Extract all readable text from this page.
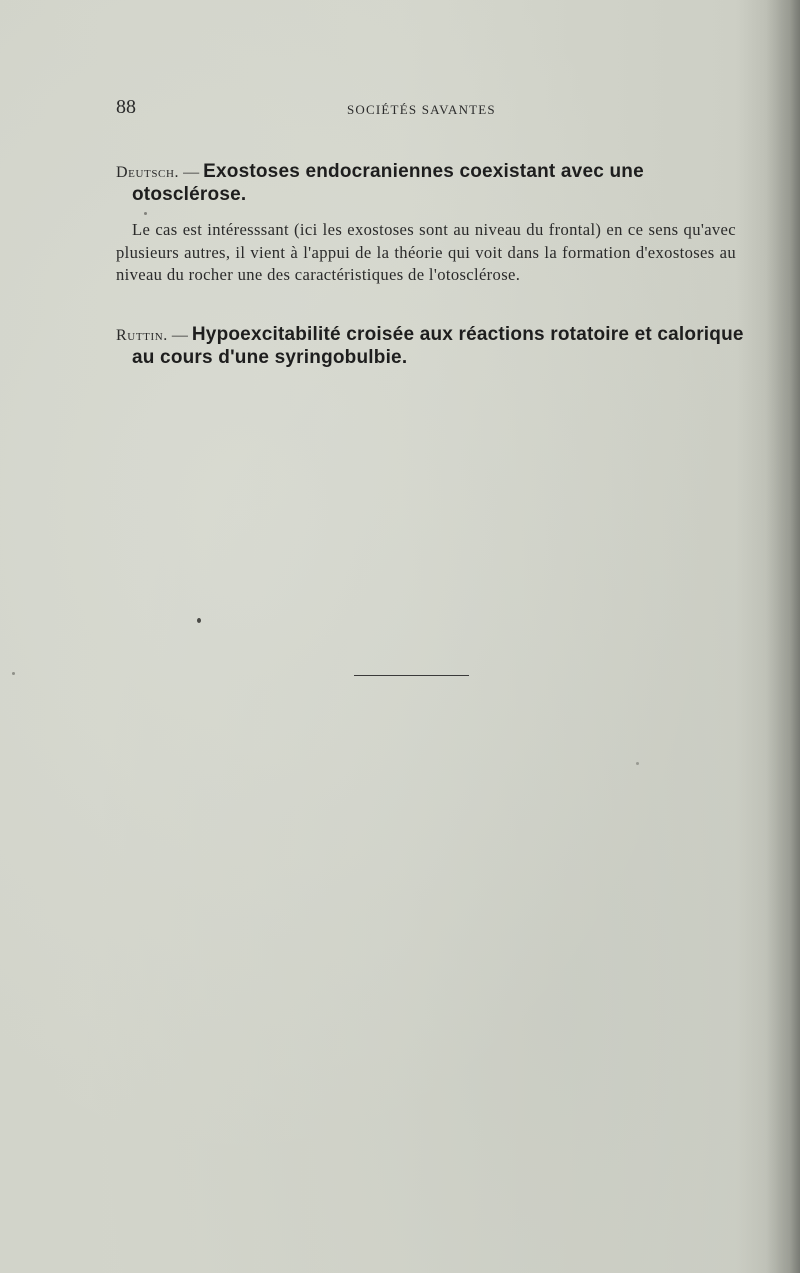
88	SOCIÉTÉS SAVANTES

Deutsch. — Exostoses endocraniennes coexistant avec une otosclérose.

Le cas est intéresssant (ici les exostoses sont au niveau du frontal) en ce sens qu'avec plusieurs autres, il vient à l'appui de la théorie qui voit dans la formation d'exostoses au niveau du rocher une des caractéristiques de l'otosclérose.

Ruttin. — Hypoexcitabilité croisée aux réactions rotatoire et calorique au cours d'une syringobulbie.
